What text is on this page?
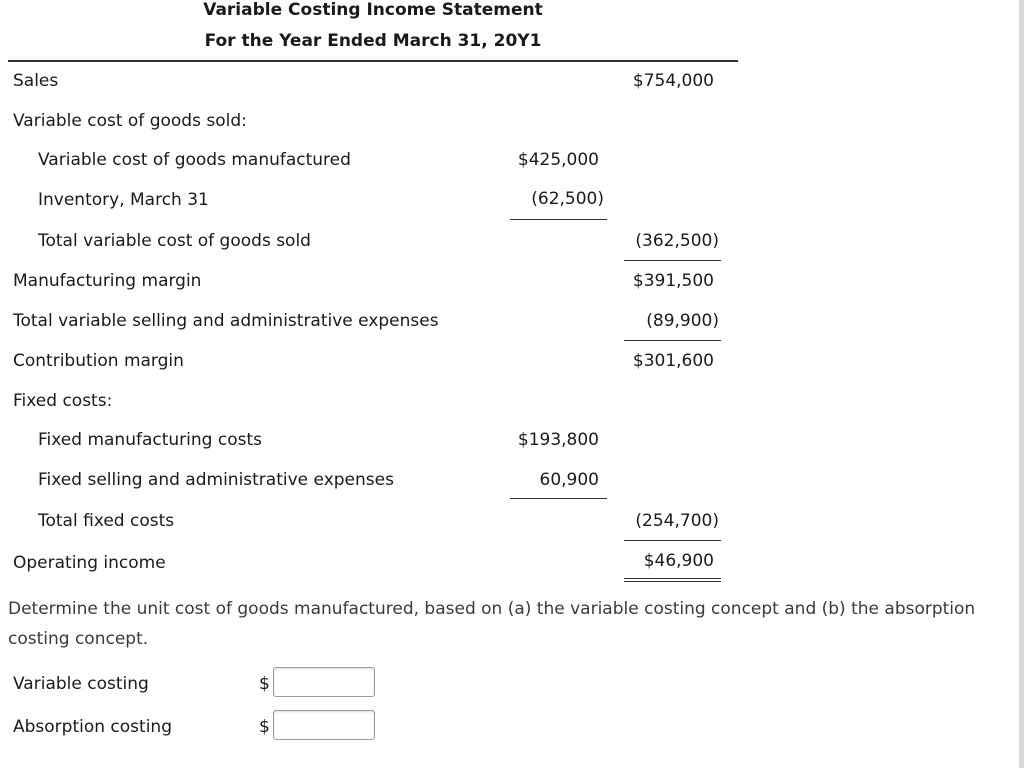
Variable Costing Income Statement
For the Year Ended March 31, 20Y1
Sales	$754,000
Variable cost of goods sold:
Variable cost of goods manufactured	$425,000
Inventory, March 31	(62,500)
Total variable cost of goods sold	(362,500)
Manufacturing margin	$391,500
Total variable selling and administrative expenses	(89,900)
Contribution margin	$301,600
Fixed costs:
Fixed manufacturing costs	$193,800
Fixed selling and administrative expenses	60,900
Total fixed costs	(254,700)
Operating income	$46,900
Determine the unit cost of goods manufactured, based on (a) the variable costing concept and (b) the absorption costing concept.
Variable costing	$
Absorption costing	$
